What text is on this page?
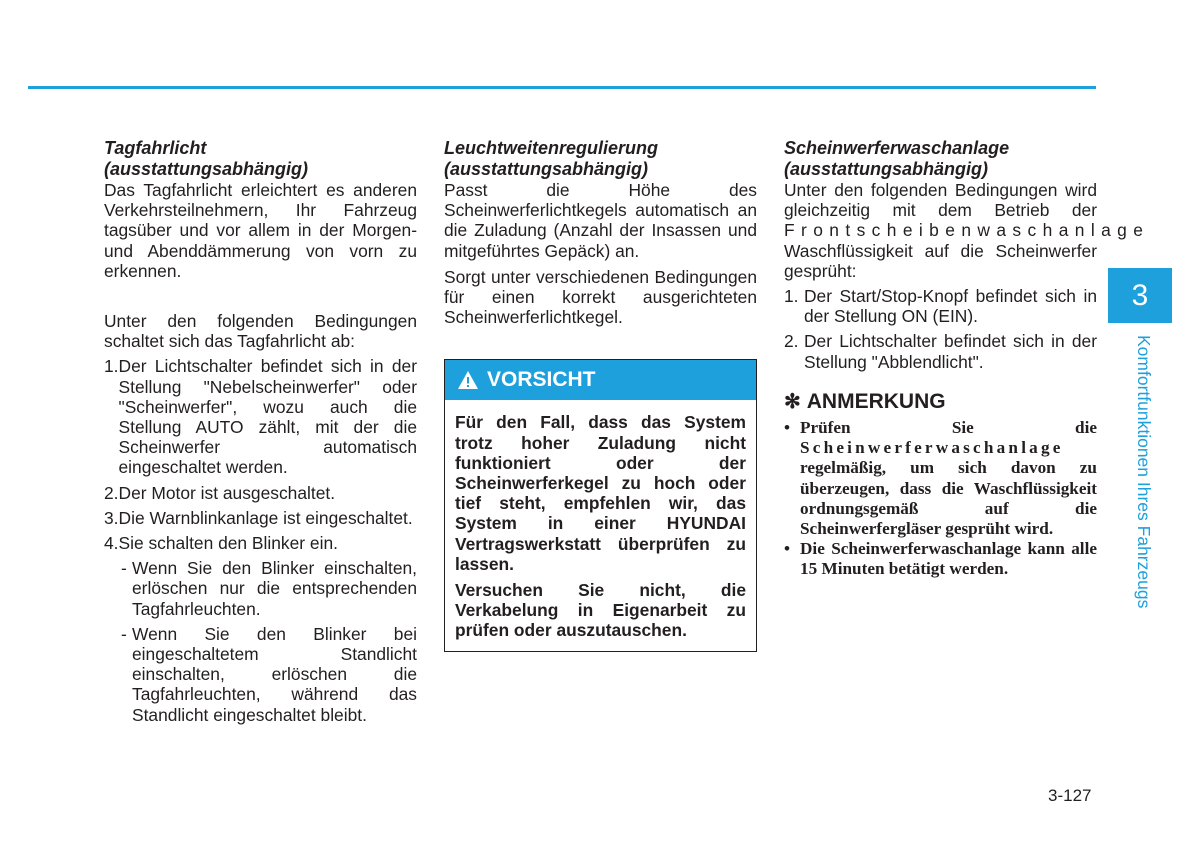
Tagfahrlicht
(ausstattungsabhängig)

Das Tagfahrlicht erleichtert es anderen Verkehrsteilnehmern, Ihr Fahrzeug tagsüber und vor allem in der Morgen- und Abenddämmerung von vorn zu erkennen.

Unter den folgenden Bedingungen schaltet sich das Tagfahrlicht ab:

1. Der Lichtschalter befindet sich in der Stellung "Nebelscheinwerfer" oder "Scheinwerfer", wozu auch die Stellung AUTO zählt, mit der die Scheinwerfer automatisch eingeschaltet werden.
2. Der Motor ist ausgeschaltet.
3. Die Warnblinkanlage ist eingeschaltet.
4. Sie schalten den Blinker ein.
- Wenn Sie den Blinker einschalten, erlöschen nur die entsprechenden Tagfahrleuchten.
- Wenn Sie den Blinker bei eingeschaltetem Standlicht einschalten, erlöschen die Tagfahrleuchten, während das Standlicht eingeschaltet bleibt.
Leuchtweitenregulierung
(ausstattungsabhängig)

Passt die Höhe des Scheinwerferlichtkegels automatisch an die Zuladung (Anzahl der Insassen und mitgeführtes Gepäck) an.

Sorgt unter verschiedenen Bedingungen für einen korrekt ausgerichteten Scheinwerferlichtkegel.

VORSICHT

Für den Fall, dass das System trotz hoher Zuladung nicht funktioniert oder der Scheinwerferkegel zu hoch oder tief steht, empfehlen wir, das System in einer HYUNDAI Vertragswerkstatt überprüfen zu lassen.

Versuchen Sie nicht, die Verkabelung in Eigenarbeit zu prüfen oder auszutauschen.

Scheinwerferwaschanlage
(ausstattungsabhängig)

Unter den folgenden Bedingungen wird gleichzeitig mit dem Betrieb der Frontscheibenwaschanlage Waschflüssigkeit auf die Scheinwerfer gesprüht:

1. Der Start/Stop-Knopf befindet sich in der Stellung ON (EIN).
2. Der Lichtschalter befindet sich in der Stellung "Abblendlicht".
✻ ANMERKUNG
• Prüfen Sie die Scheinwerferwaschanlage regelmäßig, um sich davon zu überzeugen, dass die Waschflüssigkeit ordnungsgemäß auf die Scheinwerfergläser gesprüht wird.
• Die Scheinwerferwaschanlage kann alle 15 Minuten betätigt werden.
3
Komfortfunktionen Ihres Fahrzeugs
3-127
